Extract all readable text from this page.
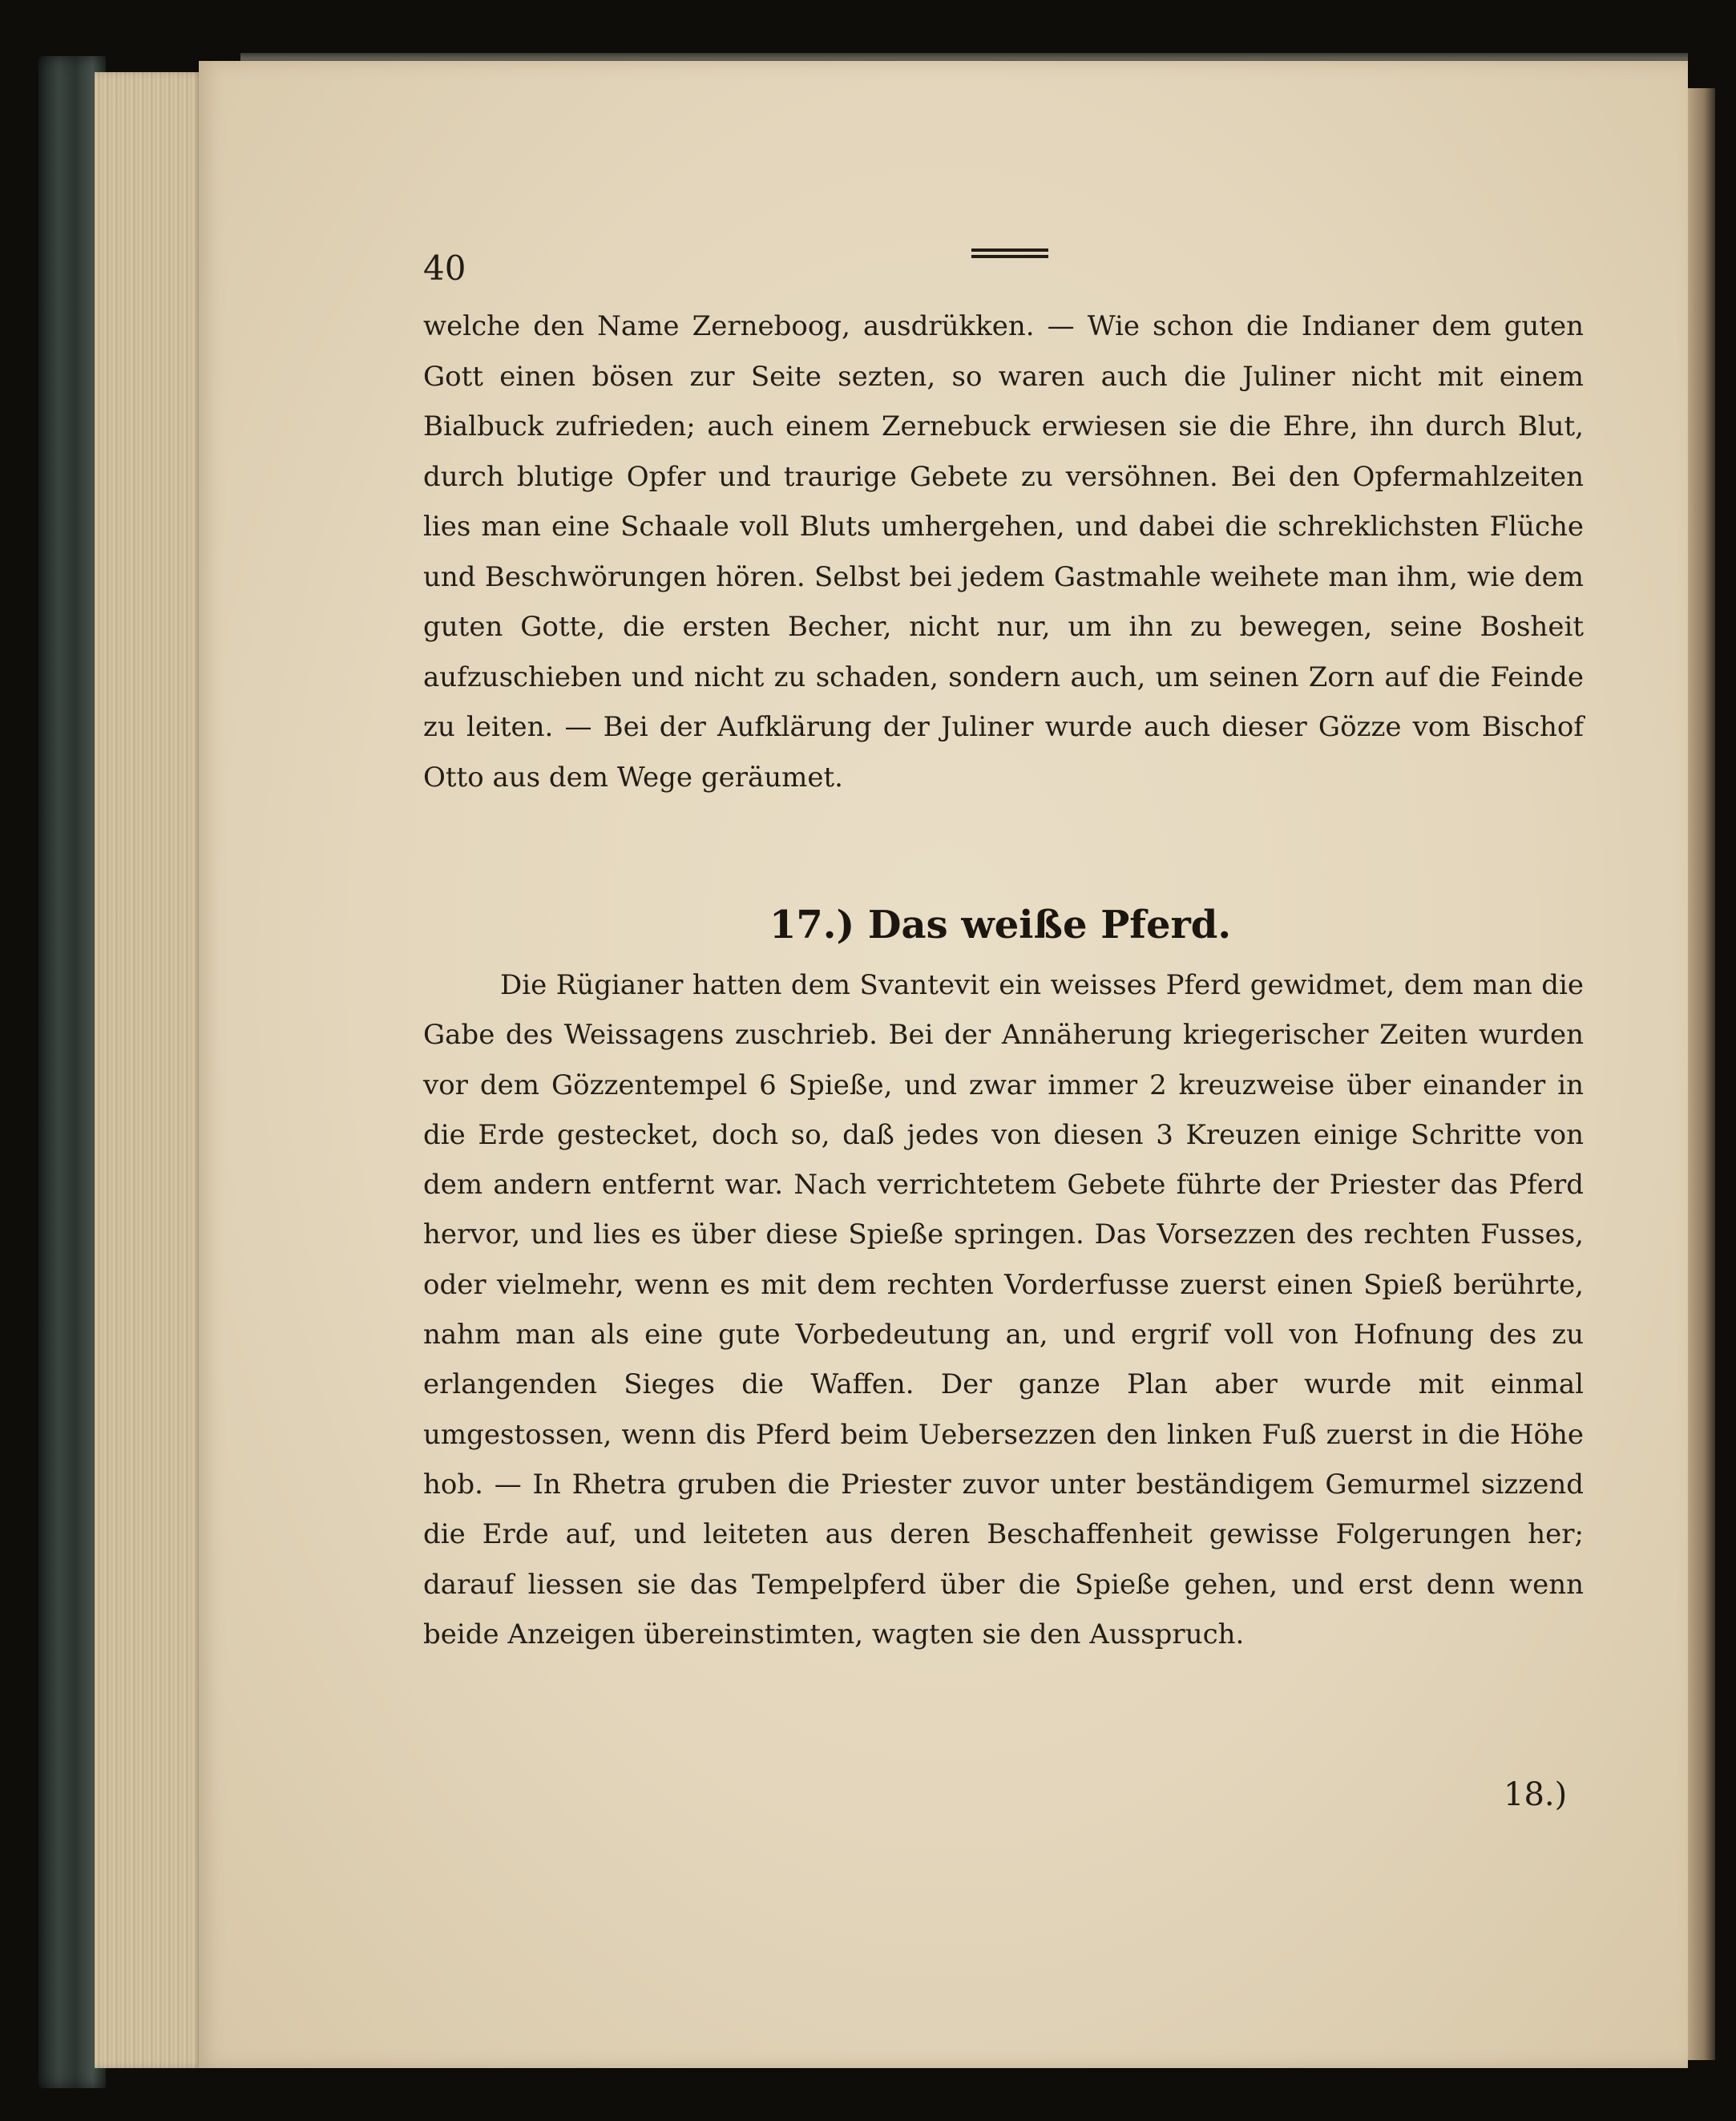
40

welche den Name Zerneboog, ausdrükken. — Wie schon die Indianer dem guten Gott einen bösen zur Seite sezten, so waren auch die Juliner nicht mit einem Bialbuck zufrieden; auch einem Zernebuck erwiesen sie die Ehre, ihn durch Blut, durch blutige Opfer und traurige Gebete zu versöhnen. Bei den Opfermahlzeiten lies man eine Schaale voll Bluts umhergehen, und dabei die schreklichsten Flüche und Beschwörungen hören. Selbst bei jedem Gastmahle weihete man ihm, wie dem guten Gotte, die ersten Becher, nicht nur, um ihn zu bewegen, seine Bosheit aufzuschieben und nicht zu schaden, sondern auch, um seinen Zorn auf die Feinde zu leiten. — Bei der Aufklärung der Juliner wurde auch dieser Gözze vom Bischof Otto aus dem Wege geräumet.

17.) Das weiße Pferd.

Die Rügianer hatten dem Svantevit ein weisses Pferd gewidmet, dem man die Gabe des Weissagens zuschrieb. Bei der Annäherung kriegerischer Zeiten wurden vor dem Gözzentempel 6 Spieße, und zwar immer 2 kreuzweise über einander in die Erde gestecket, doch so, daß jedes von diesen 3 Kreuzen einige Schritte von dem andern entfernt war. Nach verrichtetem Gebete führte der Priester das Pferd hervor, und lies es über diese Spieße springen. Das Vorsezzen des rechten Fusses, oder vielmehr, wenn es mit dem rechten Vorderfusse zuerst einen Spieß berührte, nahm man als eine gute Vorbedeutung an, und ergrif voll von Hofnung des zu erlangenden Sieges die Waffen. Der ganze Plan aber wurde mit einmal umgestossen, wenn dis Pferd beim Uebersezzen den linken Fuß zuerst in die Höhe hob. — In Rhetra gruben die Priester zuvor unter beständigem Gemurmel sizzend die Erde auf, und leiteten aus deren Beschaffenheit gewisse Folgerungen her; darauf liessen sie das Tempelpferd über die Spieße gehen, und erst denn wenn beide Anzeigen übereinstimten, wagten sie den Ausspruch.

18.)
